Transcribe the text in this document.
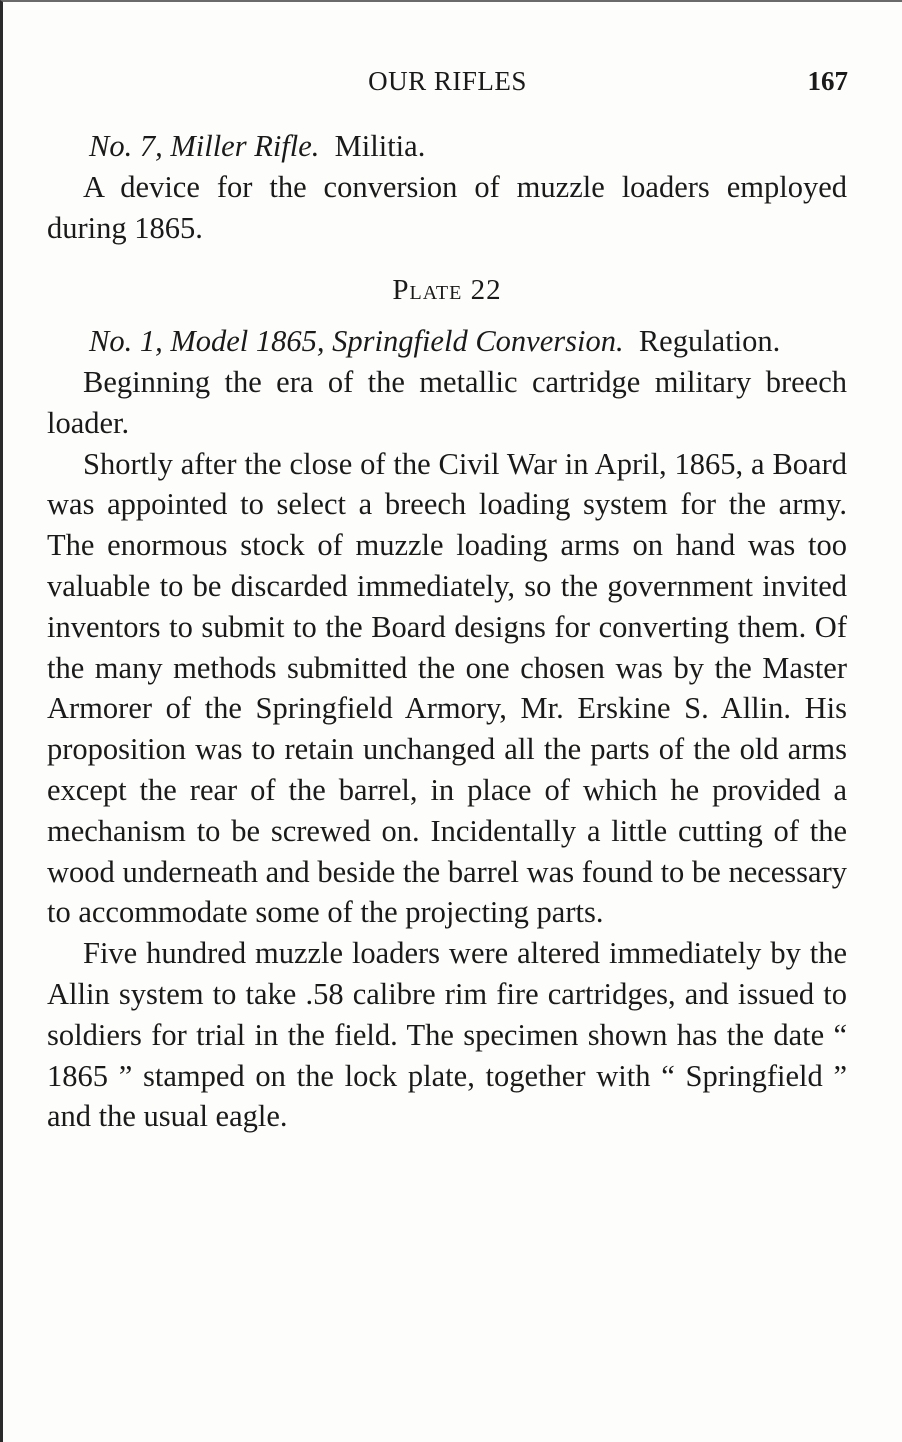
OUR RIFLES	167

No. 7, Miller Rifle. Militia.

A device for the conversion of muzzle loaders employed during 1865.

Plate 22

No. 1, Model 1865, Springfield Conversion. Regulation.

Beginning the era of the metallic cartridge military breech loader.

Shortly after the close of the Civil War in April, 1865, a Board was appointed to select a breech loading system for the army. The enormous stock of muzzle loading arms on hand was too valuable to be discarded immediately, so the government invited inventors to submit to the Board designs for converting them. Of the many methods submitted the one chosen was by the Master Armorer of the Springfield Armory, Mr. Erskine S. Allin. His proposition was to retain unchanged all the parts of the old arms except the rear of the barrel, in place of which he provided a mechanism to be screwed on. Incidentally a little cutting of the wood underneath and beside the barrel was found to be necessary to accommodate some of the projecting parts.

Five hundred muzzle loaders were altered immediately by the Allin system to take .58 calibre rim fire cartridges, and issued to soldiers for trial in the field. The specimen shown has the date “ 1865 ” stamped on the lock plate, together with “ Springfield ” and the usual eagle.
